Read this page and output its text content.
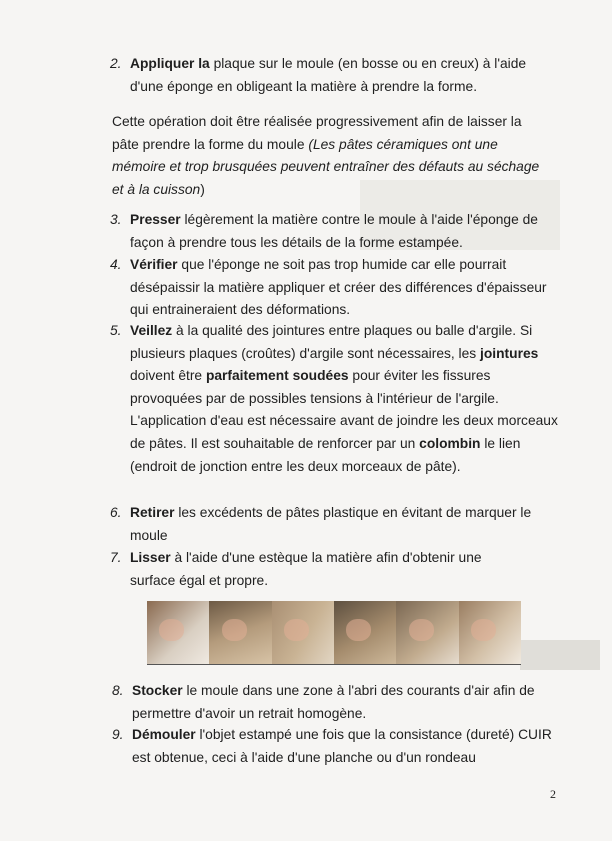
2. Appliquer la plaque sur le moule (en bosse ou en creux) à l'aide d'une éponge en obligeant la matière à prendre la forme.

Cette opération doit être réalisée progressivement afin de laisser la pâte prendre la forme du moule (Les pâtes céramiques ont une mémoire et trop brusquées peuvent entraîner des défauts au séchage et à la cuisson)

3. Presser légèrement la matière contre le moule à l'aide l'éponge de façon à prendre tous les détails de la forme estampée.
4. Vérifier que l'éponge ne soit pas trop humide car elle pourrait désépaissir la matière appliquer et créer des différences d'épaisseur qui entraineraient des déformations.
5. Veillez à la qualité des jointures entre plaques ou balle d'argile. Si plusieurs plaques (croûtes) d'argile sont nécessaires, les jointures doivent être parfaitement soudées pour éviter les fissures provoquées par de possibles tensions à l'intérieur de l'argile. L'application d'eau est nécessaire avant de joindre les deux morceaux de pâtes. Il est souhaitable de renforcer par un colombin le lien (endroit de jonction entre les deux morceaux de pâte).
6. Retirer les excédents de pâtes plastique en évitant de marquer le moule
7. Lisser à l'aide d'une estèque la matière afin d'obtenir une surface égal et propre.
8. Stocker le moule dans une zone à l'abri des courants d'air afin de permettre d'avoir un retrait homogène.
9. Démouler l'objet estampé une fois que la consistance (dureté) CUIR est obtenue, ceci à l'aide d'une planche ou d'un rondeau
2
